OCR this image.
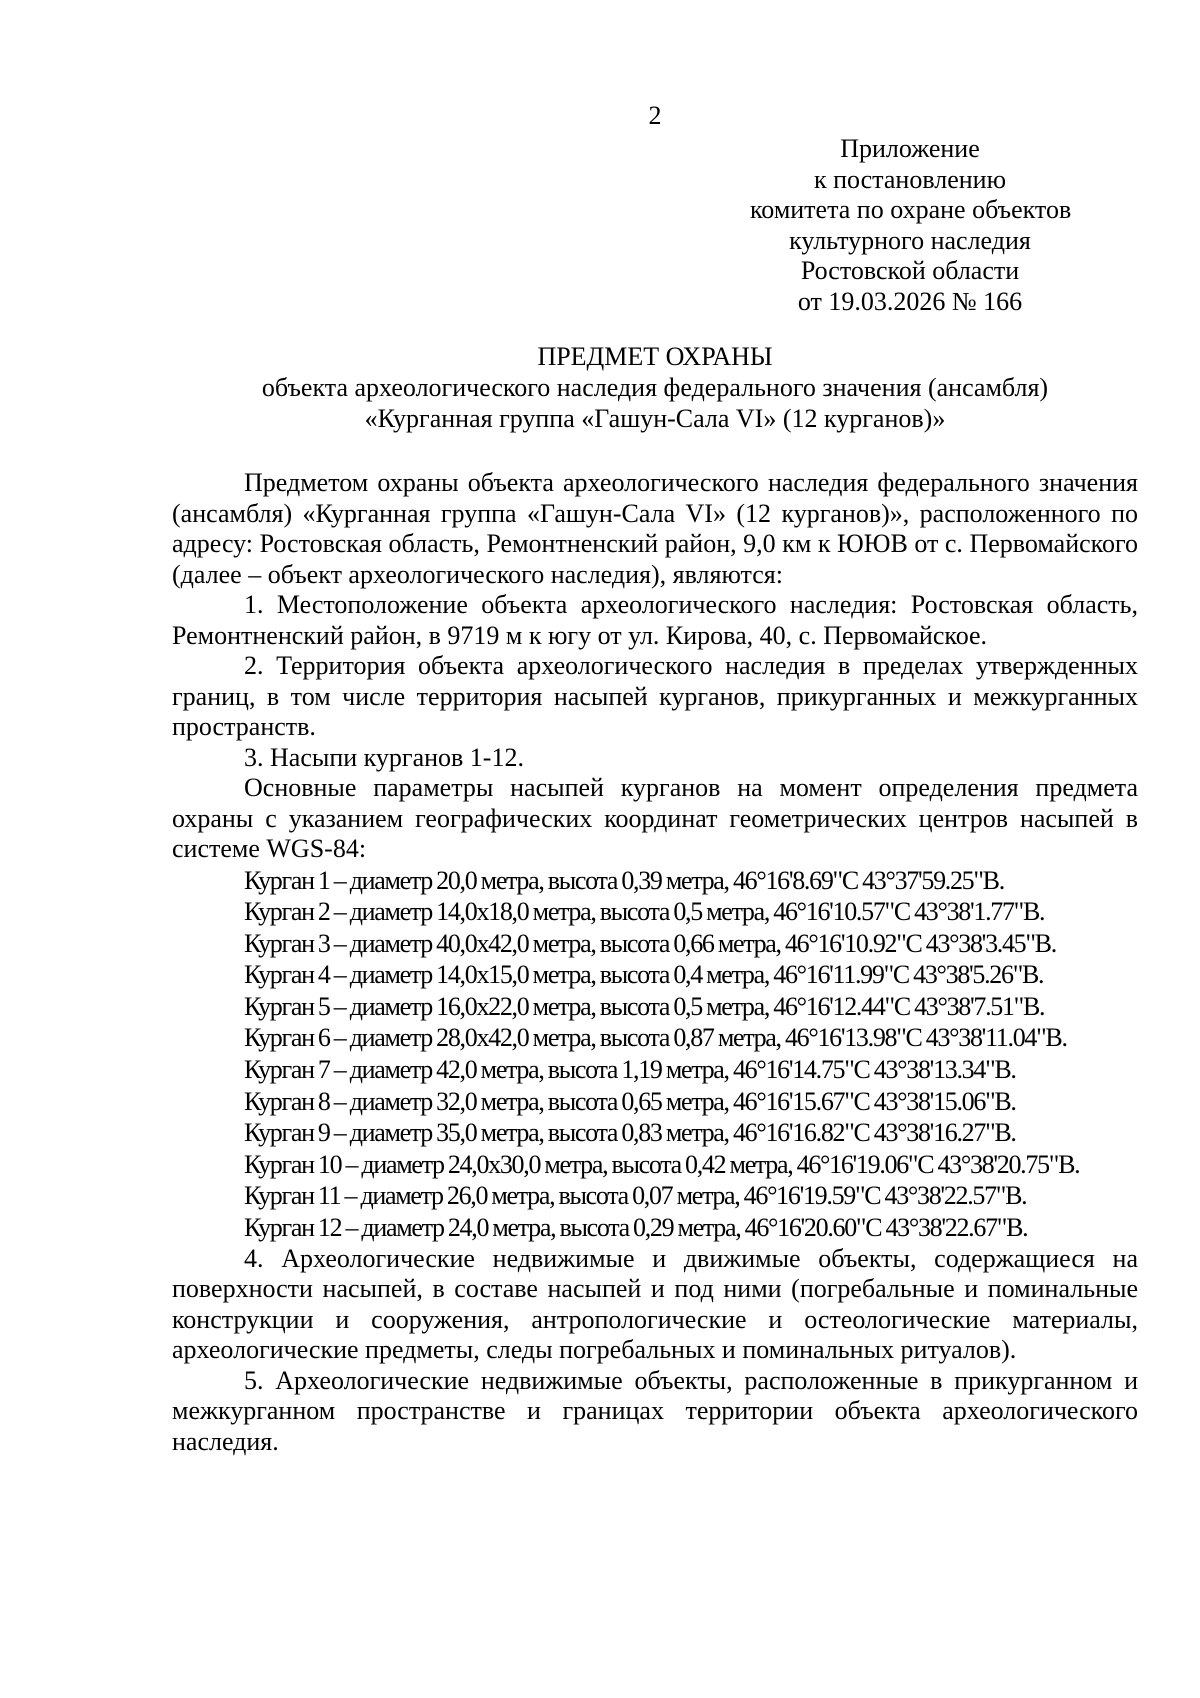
2
Приложение
к постановлению
комитета по охране объектов
культурного наследия
Ростовской области
от 19.03.2026 № 166
ПРЕДМЕТ ОХРАНЫ
объекта археологического наследия федерального значения (ансамбля)
«Курганная группа «Гашун-Сала VI» (12 курганов)»

Предметом охраны объекта археологического наследия федерального значения (ансамбля) «Курганная группа «Гашун-Сала VI» (12 курганов)», расположенного по адресу: Ростовская область, Ремонтненский район, 9,0 км к ЮЮВ от с. Первомайского (далее – объект археологического наследия), являются:

1. Местоположение объекта археологического наследия: Ростовская область, Ремонтненский район, в 9719 м к югу от ул. Кирова, 40, с. Первомайское.

2. Территория объекта археологического наследия в пределах утвержденных границ, в том числе территория насыпей курганов, прикурганных и межкурганных пространств.

3. Насыпи курганов 1-12.

Основные параметры насыпей курганов на момент определения предмета охраны с указанием географических координат геометрических центров насыпей в системе WGS-84:

Курган 1 – диаметр 20,0 метра, высота 0,39 метра, 46°16'8.69"С 43°37'59.25"В.
Курган 2 – диаметр 14,0х18,0 метра, высота 0,5 метра, 46°16'10.57"С 43°38'1.77"В.
Курган 3 – диаметр 40,0х42,0 метра, высота 0,66 метра, 46°16'10.92"С 43°38'3.45"В.
Курган 4 – диаметр 14,0х15,0 метра, высота 0,4 метра, 46°16'11.99"С 43°38'5.26"В.
Курган 5 – диаметр 16,0х22,0 метра, высота 0,5 метра, 46°16'12.44"С 43°38'7.51"В.
Курган 6 – диаметр 28,0х42,0 метра, высота 0,87 метра, 46°16'13.98"С 43°38'11.04"В.
Курган 7 – диаметр 42,0 метра, высота 1,19 метра, 46°16'14.75"С 43°38'13.34"В.
Курган 8 – диаметр 32,0 метра, высота 0,65 метра, 46°16'15.67"С 43°38'15.06"В.
Курган 9 – диаметр 35,0 метра, высота 0,83 метра, 46°16'16.82"С 43°38'16.27"В.
Курган 10 – диаметр 24,0х30,0 метра, высота 0,42 метра, 46°16'19.06"С 43°38'20.75"В.
Курган 11 – диаметр 26,0 метра, высота 0,07 метра, 46°16'19.59"С 43°38'22.57"В.
Курган 12 – диаметр 24,0 метра, высота 0,29 метра, 46°16'20.60"С 43°38'22.67"В.

4. Археологические недвижимые и движимые объекты, содержащиеся на поверхности насыпей, в составе насыпей и под ними (погребальные и поминальные конструкции и сооружения, антропологические и остеологические материалы, археологические предметы, следы погребальных и поминальных ритуалов).

5. Археологические недвижимые объекты, расположенные в прикурганном и межкурганном пространстве и границах территории объекта археологического наследия.
